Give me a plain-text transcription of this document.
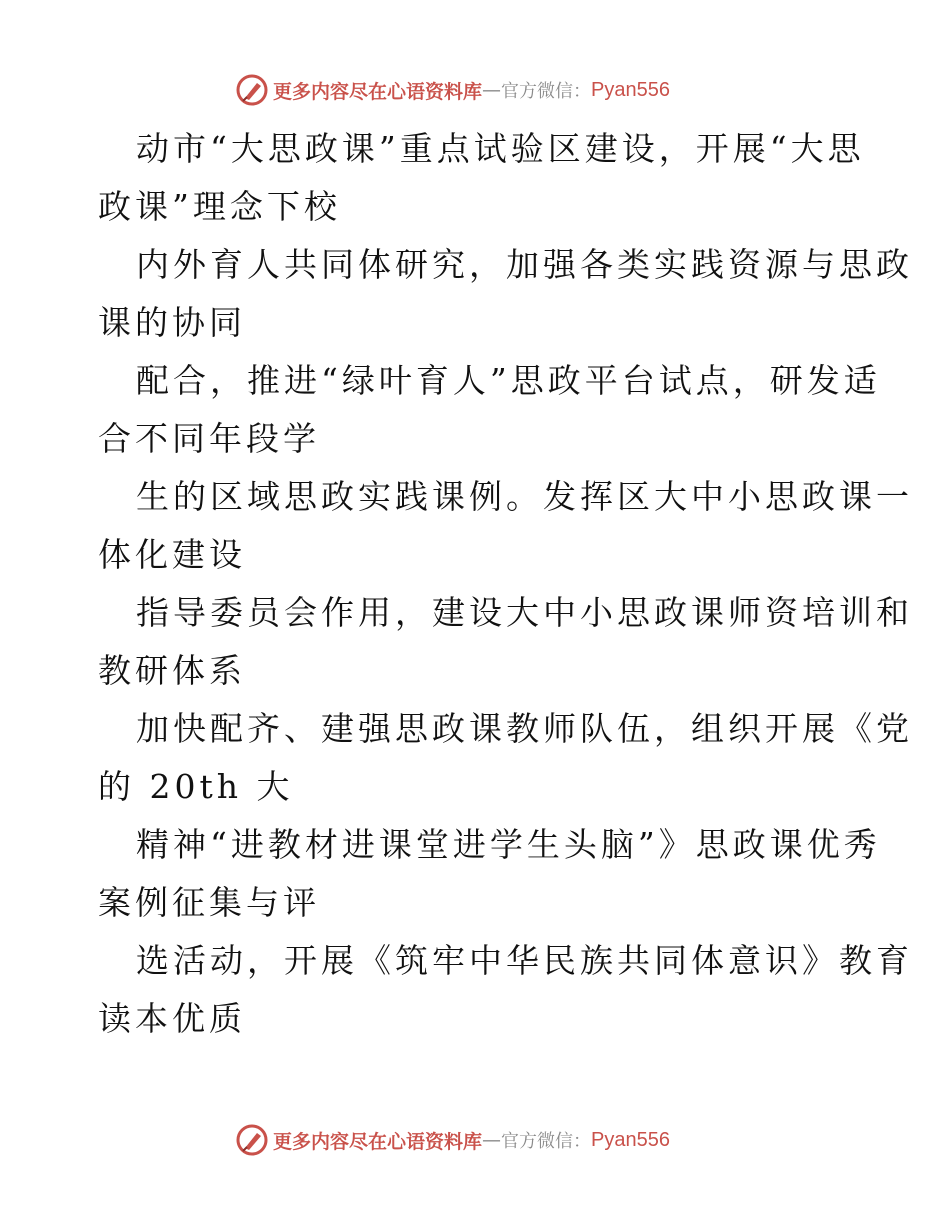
更多内容尽在心语资料库 — 官方微信： Pyan556

动市“大思政课”重点试验区建设，开展“大思
政课”理念下校

内外育人共同体研究，加强各类实践资源与思政
课的协同

配合，推进“绿叶育人”思政平台试点，研发适
合不同年段学

生的区域思政实践课例。发挥区大中小思政课一
体化建设

指导委员会作用，建设大中小思政课师资培训和
教研体系

加快配齐、建强思政课教师队伍，组织开展《党
的 20th 大

精神“进教材进课堂进学生头脑”》思政课优秀
案例征集与评

选活动，开展《筑牢中华民族共同体意识》教育
读本优质

更多内容尽在心语资料库 — 官方微信： Pyan556
